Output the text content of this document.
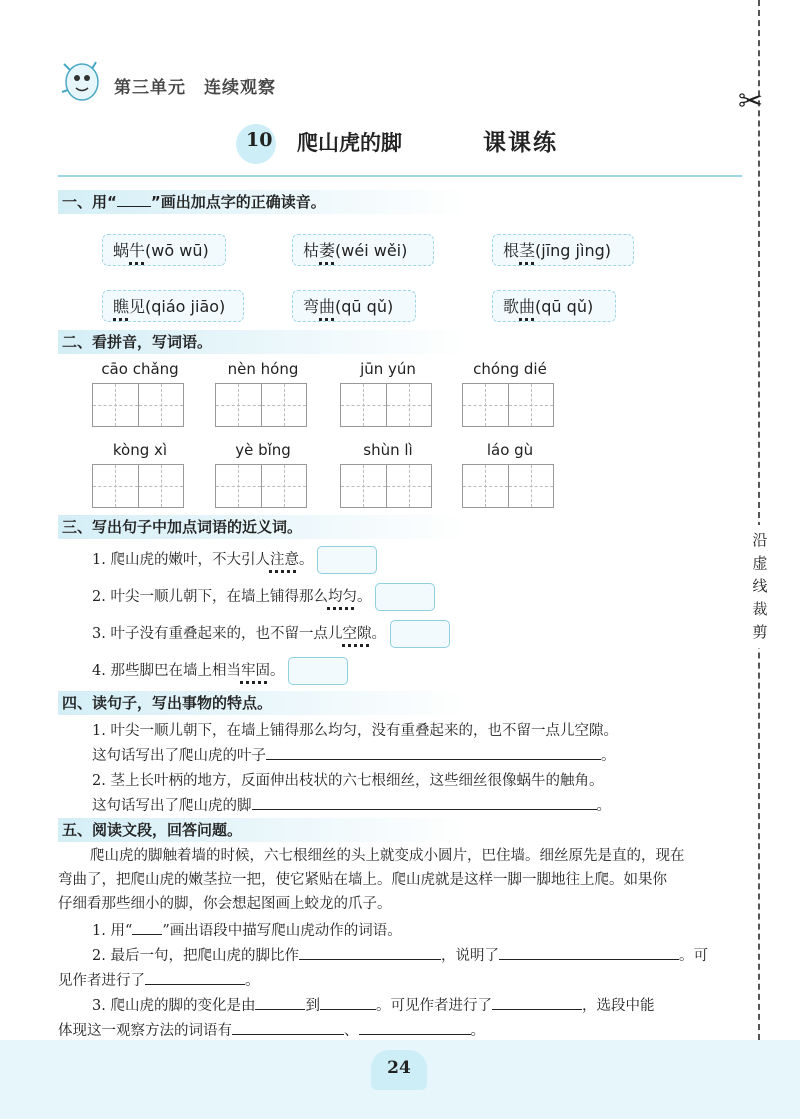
第三单元 连续观察	✂
沿
虚
线
裁
剪
10 爬山虎的脚	课课练
一、用“ ”画出加点字的正确读音。
蜗牛(wō wū)	枯萎(wéi wěi)	根茎(jīng jìng)
瞧见(qiáo jiāo)	弯曲(qū qǔ)	歌曲(qū qǔ)
二、看拼音，写词语。
cāo chǎng	nèn hóng	jūn yún	chóng dié
kòng xì	yè bǐng	shùn lì	láo gù
三、写出句子中加点词语的近义词。
1. 爬山虎的嫩叶，不大引人注意。
2. 叶尖一顺儿朝下，在墙上铺得那么均匀。
3. 叶子没有重叠起来的，也不留一点儿空隙。
4. 那些脚巴在墙上相当牢固。
四、读句子，写出事物的特点。
1. 叶尖一顺儿朝下，在墙上铺得那么均匀，没有重叠起来的，也不留一点儿空隙。
这句话写出了爬山虎的叶子	。
2. 茎上长叶柄的地方，反面伸出枝状的六七根细丝，这些细丝很像蜗牛的触角。
这句话写出了爬山虎的脚	。
五、阅读文段，回答问题。
爬山虎的脚触着墙的时候，六七根细丝的头上就变成小圆片，巴住墙。细丝原先是直的，现在
弯曲了，把爬山虎的嫩茎拉一把，使它紧贴在墙上。爬山虎就是这样一脚一脚地往上爬。如果你
仔细看那些细小的脚，你会想起图画上蛟龙的爪子。
1. 用“ ”画出语段中描写爬山虎动作的词语。
2. 最后一句，把爬山虎的脚比作	，说明了	。可
见作者进行了	。
3. 爬山虎的脚的变化是由	到	。可见作者进行了	，选段中能
体现这一观察方法的词语有	、	。
24
